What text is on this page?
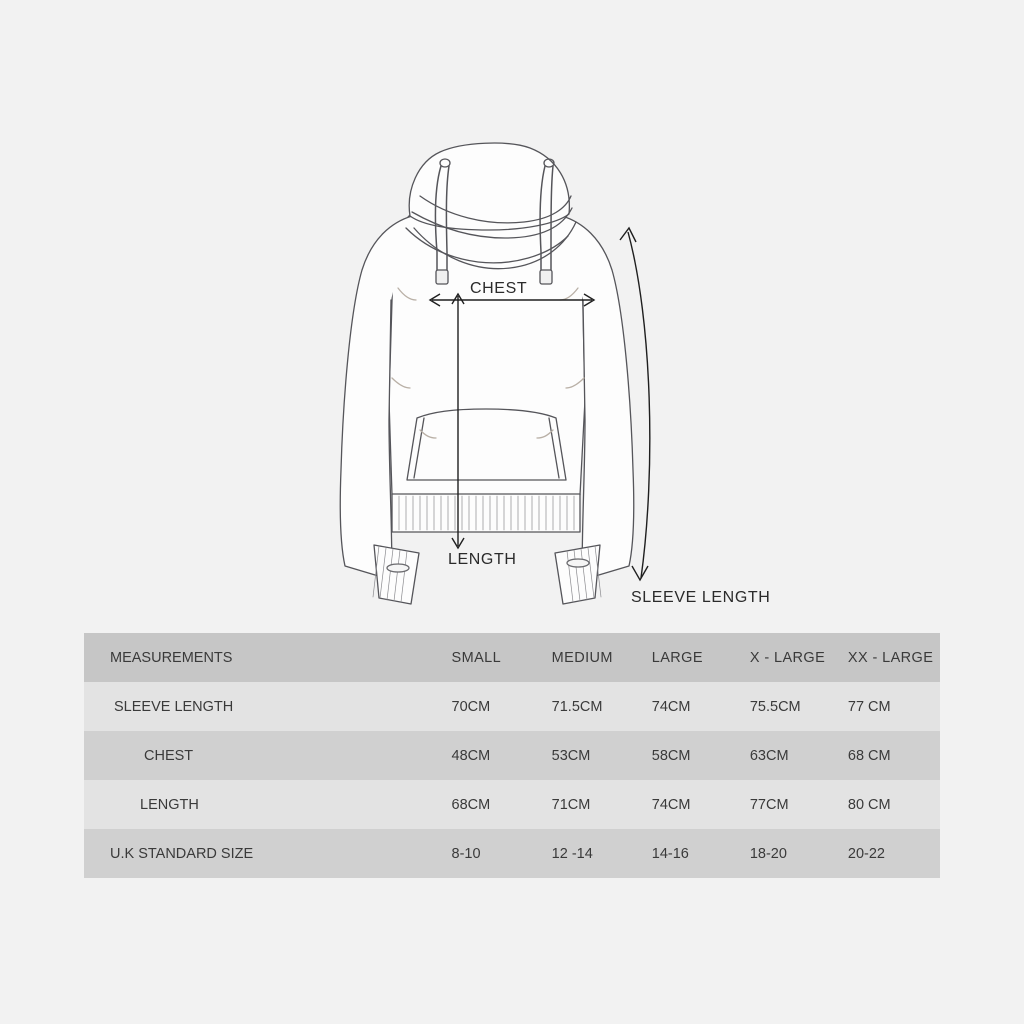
CHEST
LENGTH
SLEEVE LENGTH
MEASUREMENTS	SMALL	MEDIUM	LARGE	X - LARGE	XX - LARGE
SLEEVE LENGTH	70CM	71.5CM	74CM	75.5CM	77 CM
CHEST	48CM	53CM	58CM	63CM	68 CM
LENGTH	68CM	71CM	74CM	77CM	80 CM
U.K STANDARD SIZE	8-10	12 -14	14-16	18-20	20-22
